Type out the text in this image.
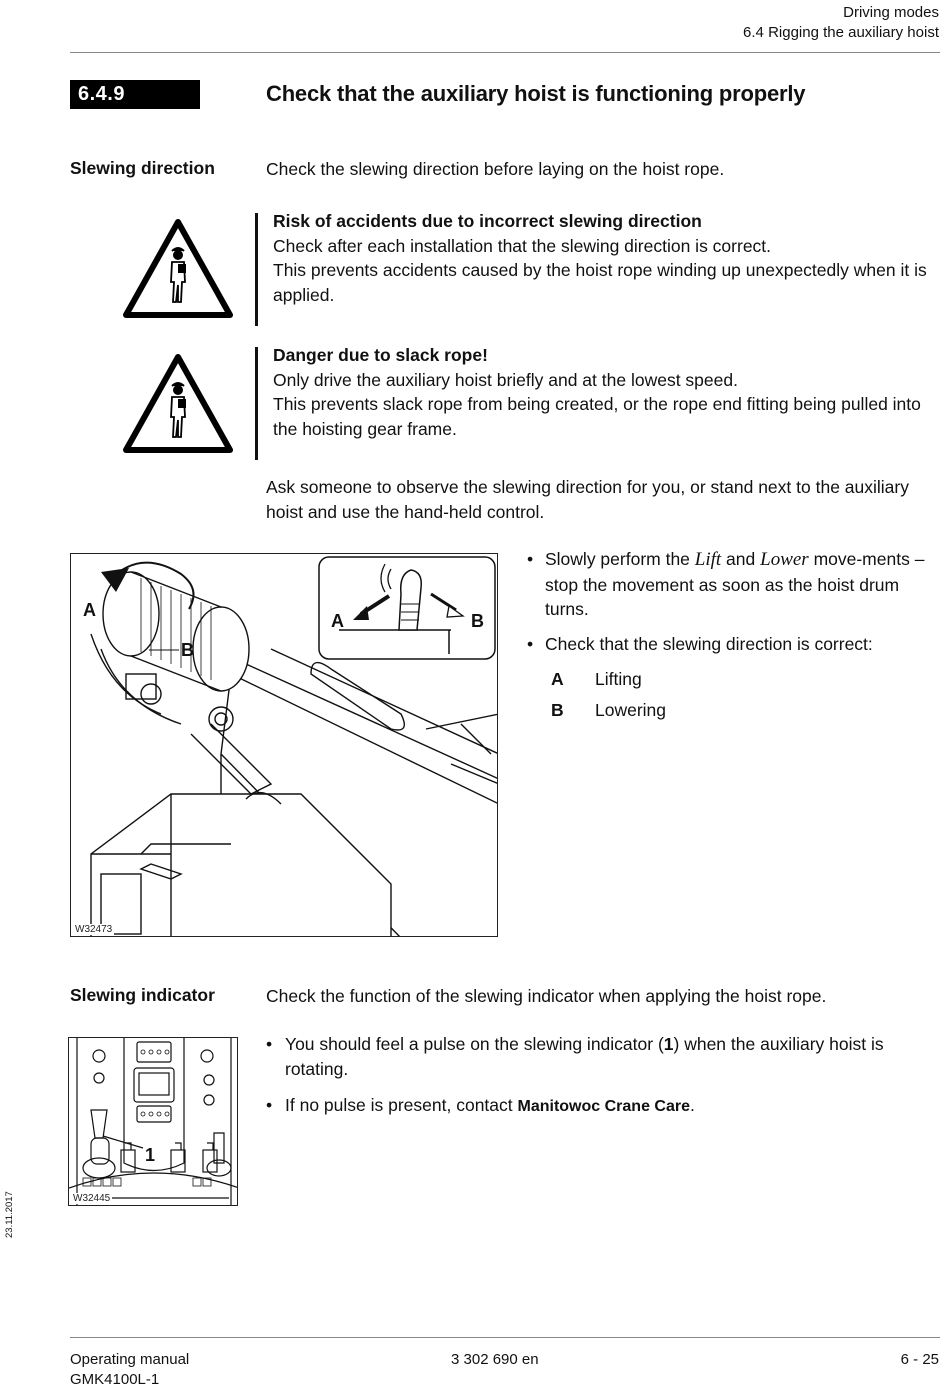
Driving modes
6.4 Rigging the auxiliary hoist
6.4.9	Check that the auxiliary hoist is functioning properly
Slewing direction	Check the slewing direction before laying on the hoist rope.
Risk of accidents due to incorrect slewing direction
Check after each installation that the slewing direction is correct.
This prevents accidents caused by the hoist rope winding up unexpectedly when it is applied.
Danger due to slack rope!
Only drive the auxiliary hoist briefly and at the lowest speed.
This prevents slack rope from being created, or the rope end fitting being pulled into the hoisting gear frame.
Ask someone to observe the slewing direction for you, or stand next to the auxiliary hoist and use the hand-held control.
A
B
A	B
W32473
• Slowly perform the Lift and Lower move-ments – stop the movement as soon as the hoist drum turns.
• Check that the slewing direction is correct:
A Lifting
B Lowering
Slewing indicator	Check the function of the slewing indicator when applying the hoist rope.
1
W32445
• You should feel a pulse on the slewing indicator (1) when the auxiliary hoist is rotating.
• If no pulse is present, contact Manitowoc Crane Care.
23.11.2017
Operating manual
GMK4100L-1
3 302 690 en	6 - 25
